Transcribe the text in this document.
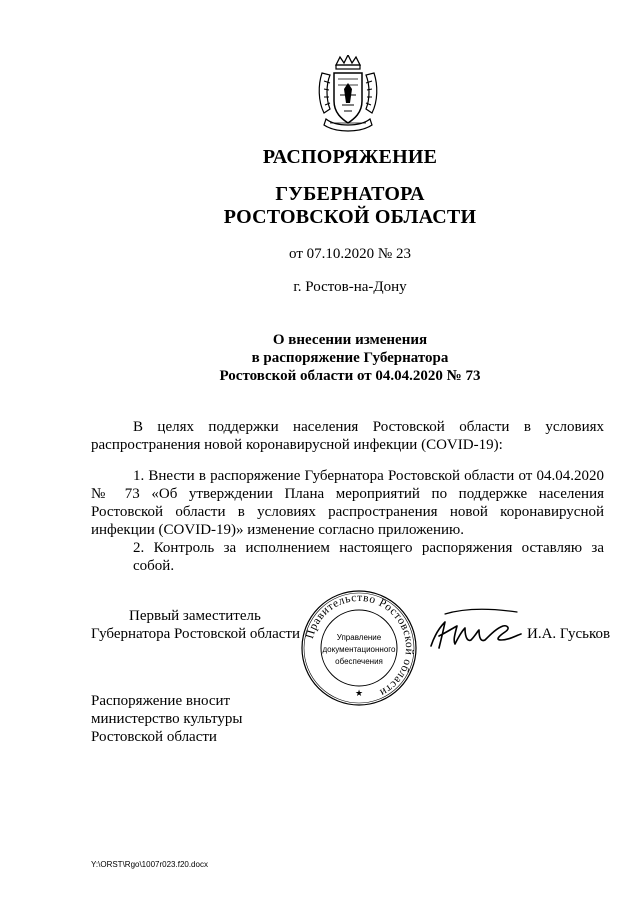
РАСПОРЯЖЕНИЕ
ГУБЕРНАТОРА
РОСТОВСКОЙ ОБЛАСТИ
от 07.10.2020 № 23
г. Ростов-на-Дону
О внесении изменения
в распоряжение Губернатора
Ростовской области от 04.04.2020 № 73
В целях поддержки населения Ростовской области в условиях
распространения новой коронавирусной инфекции (COVID-19):
1. Внести в распоряжение Губернатора Ростовской области от 04.04.2020
№ 73 «Об утверждении Плана мероприятий по поддержке населения
Ростовской области в условиях распространения новой коронавирусной
инфекции (COVID-19)» изменение согласно приложению.
2. Контроль за исполнением настоящего распоряжения оставляю за собой.
Первый заместитель
Губернатора Ростовской области	И.А. Гуськов
Правительство Ростовской области
Управление
документационного
обеспечения
★
Распоряжение вносит
министерство культуры
Ростовской области
Y:\ORST\Rgo\1007r023.f20.docx
